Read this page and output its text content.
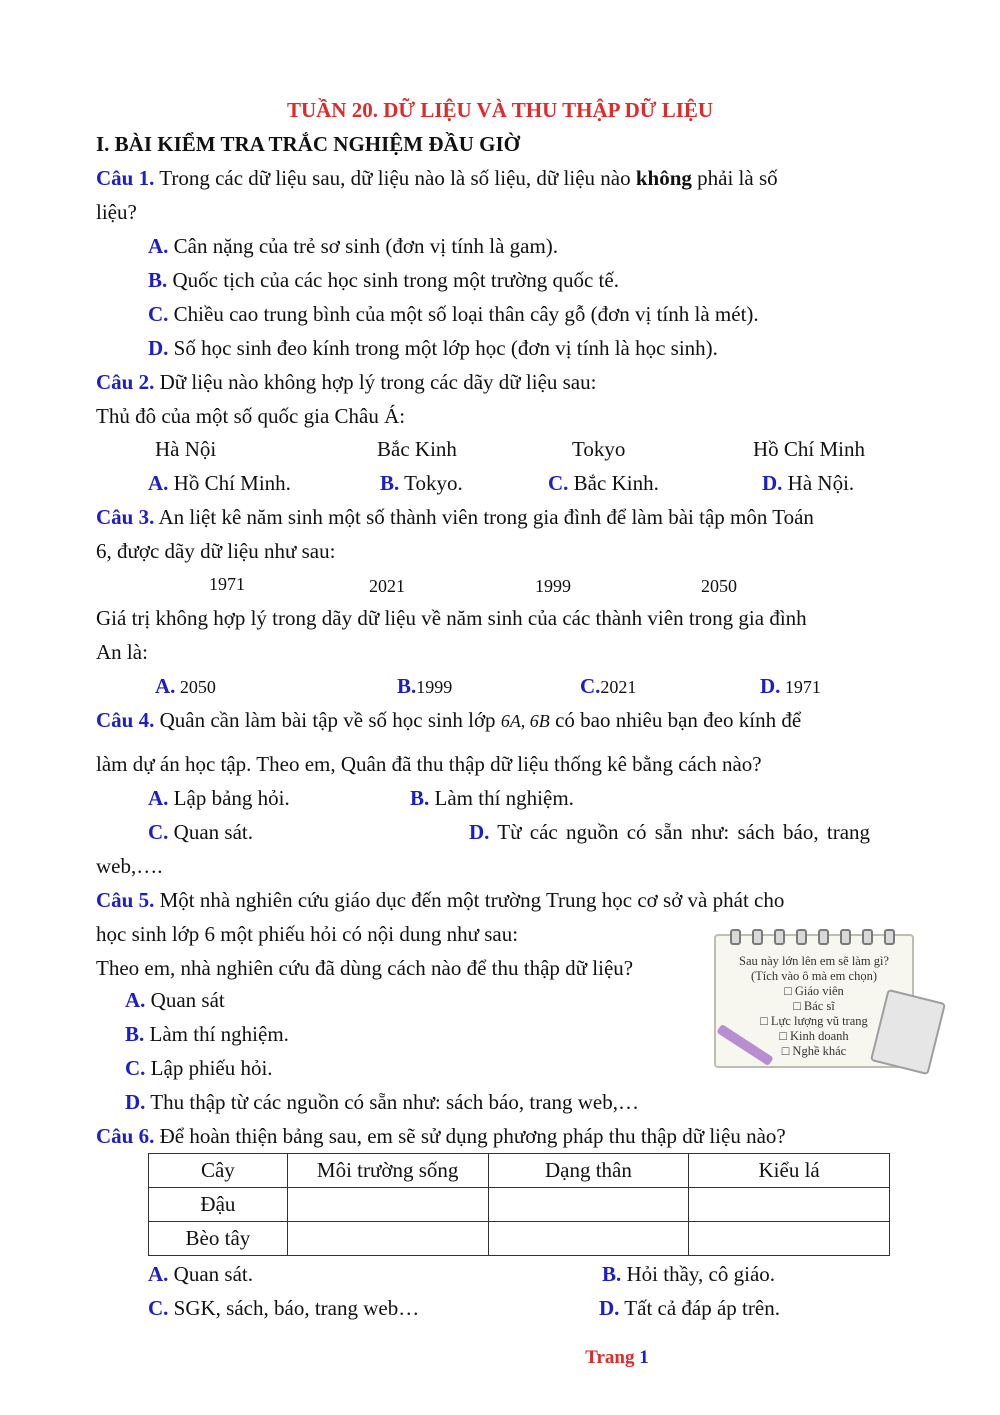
TUẦN 20. DỮ LIỆU VÀ THU THẬP DỮ LIỆU
I. BÀI KIỂM TRA TRẮC NGHIỆM ĐẦU GIỜ
Câu 1. Trong các dữ liệu sau, dữ liệu nào là số liệu, dữ liệu nào không phải là số
liệu?
A. Cân nặng của trẻ sơ sinh (đơn vị tính là gam).
B. Quốc tịch của các học sinh trong một trường quốc tế.
C. Chiều cao trung bình của một số loại thân cây gỗ (đơn vị tính là mét).
D. Số học sinh đeo kính trong một lớp học (đơn vị tính là học sinh).
Câu 2. Dữ liệu nào không hợp lý trong các dãy dữ liệu sau:
Thủ đô của một số quốc gia Châu Á:
Hà Nội	Bắc Kinh	Tokyo	Hồ Chí Minh
A. Hồ Chí Minh.	B. Tokyo.	C. Bắc Kinh.	D. Hà Nội.
Câu 3. An liệt kê năm sinh một số thành viên trong gia đình để làm bài tập môn Toán
6, được dãy dữ liệu như sau:
1971	2021	1999	2050
Giá trị không hợp lý trong dãy dữ liệu về năm sinh của các thành viên trong gia đình
An là:
A. 2050	B.1999	C.2021	D. 1971
Câu 4. Quân cần làm bài tập về số học sinh lớp 6A, 6B có bao nhiêu bạn đeo kính để
làm dự án học tập. Theo em, Quân đã thu thập dữ liệu thống kê bằng cách nào?
A. Lập bảng hỏi.	B. Làm thí nghiệm.
C. Quan sát.	D. Từ các nguồn có sẵn như: sách báo, trang
web,….
Câu 5. Một nhà nghiên cứu giáo dục đến một trường Trung học cơ sở và phát cho
học sinh lớp 6 một phiếu hỏi có nội dung như sau:
Theo em, nhà nghiên cứu đã dùng cách nào để thu thập dữ liệu?
A. Quan sát
B. Làm thí nghiệm.
C. Lập phiếu hỏi.
D. Thu thập từ các nguồn có sẵn như: sách báo, trang web,…
Sau này lớn lên em sẽ làm gì?
(Tích vào ô mà em chọn)
□ Giáo viên
□ Bác sĩ
□ Lực lượng vũ trang
□ Kinh doanh
□ Nghề khác
Câu 6. Để hoàn thiện bảng sau, em sẽ sử dụng phương pháp thu thập dữ liệu nào?
Cây	Môi trường sống	Dạng thân	Kiểu lá
Đậu			
Bèo tây			
A. Quan sát.	B. Hỏi thầy, cô giáo.
C. SGK, sách, báo, trang web…	D. Tất cả đáp áp trên.
Trang 1
